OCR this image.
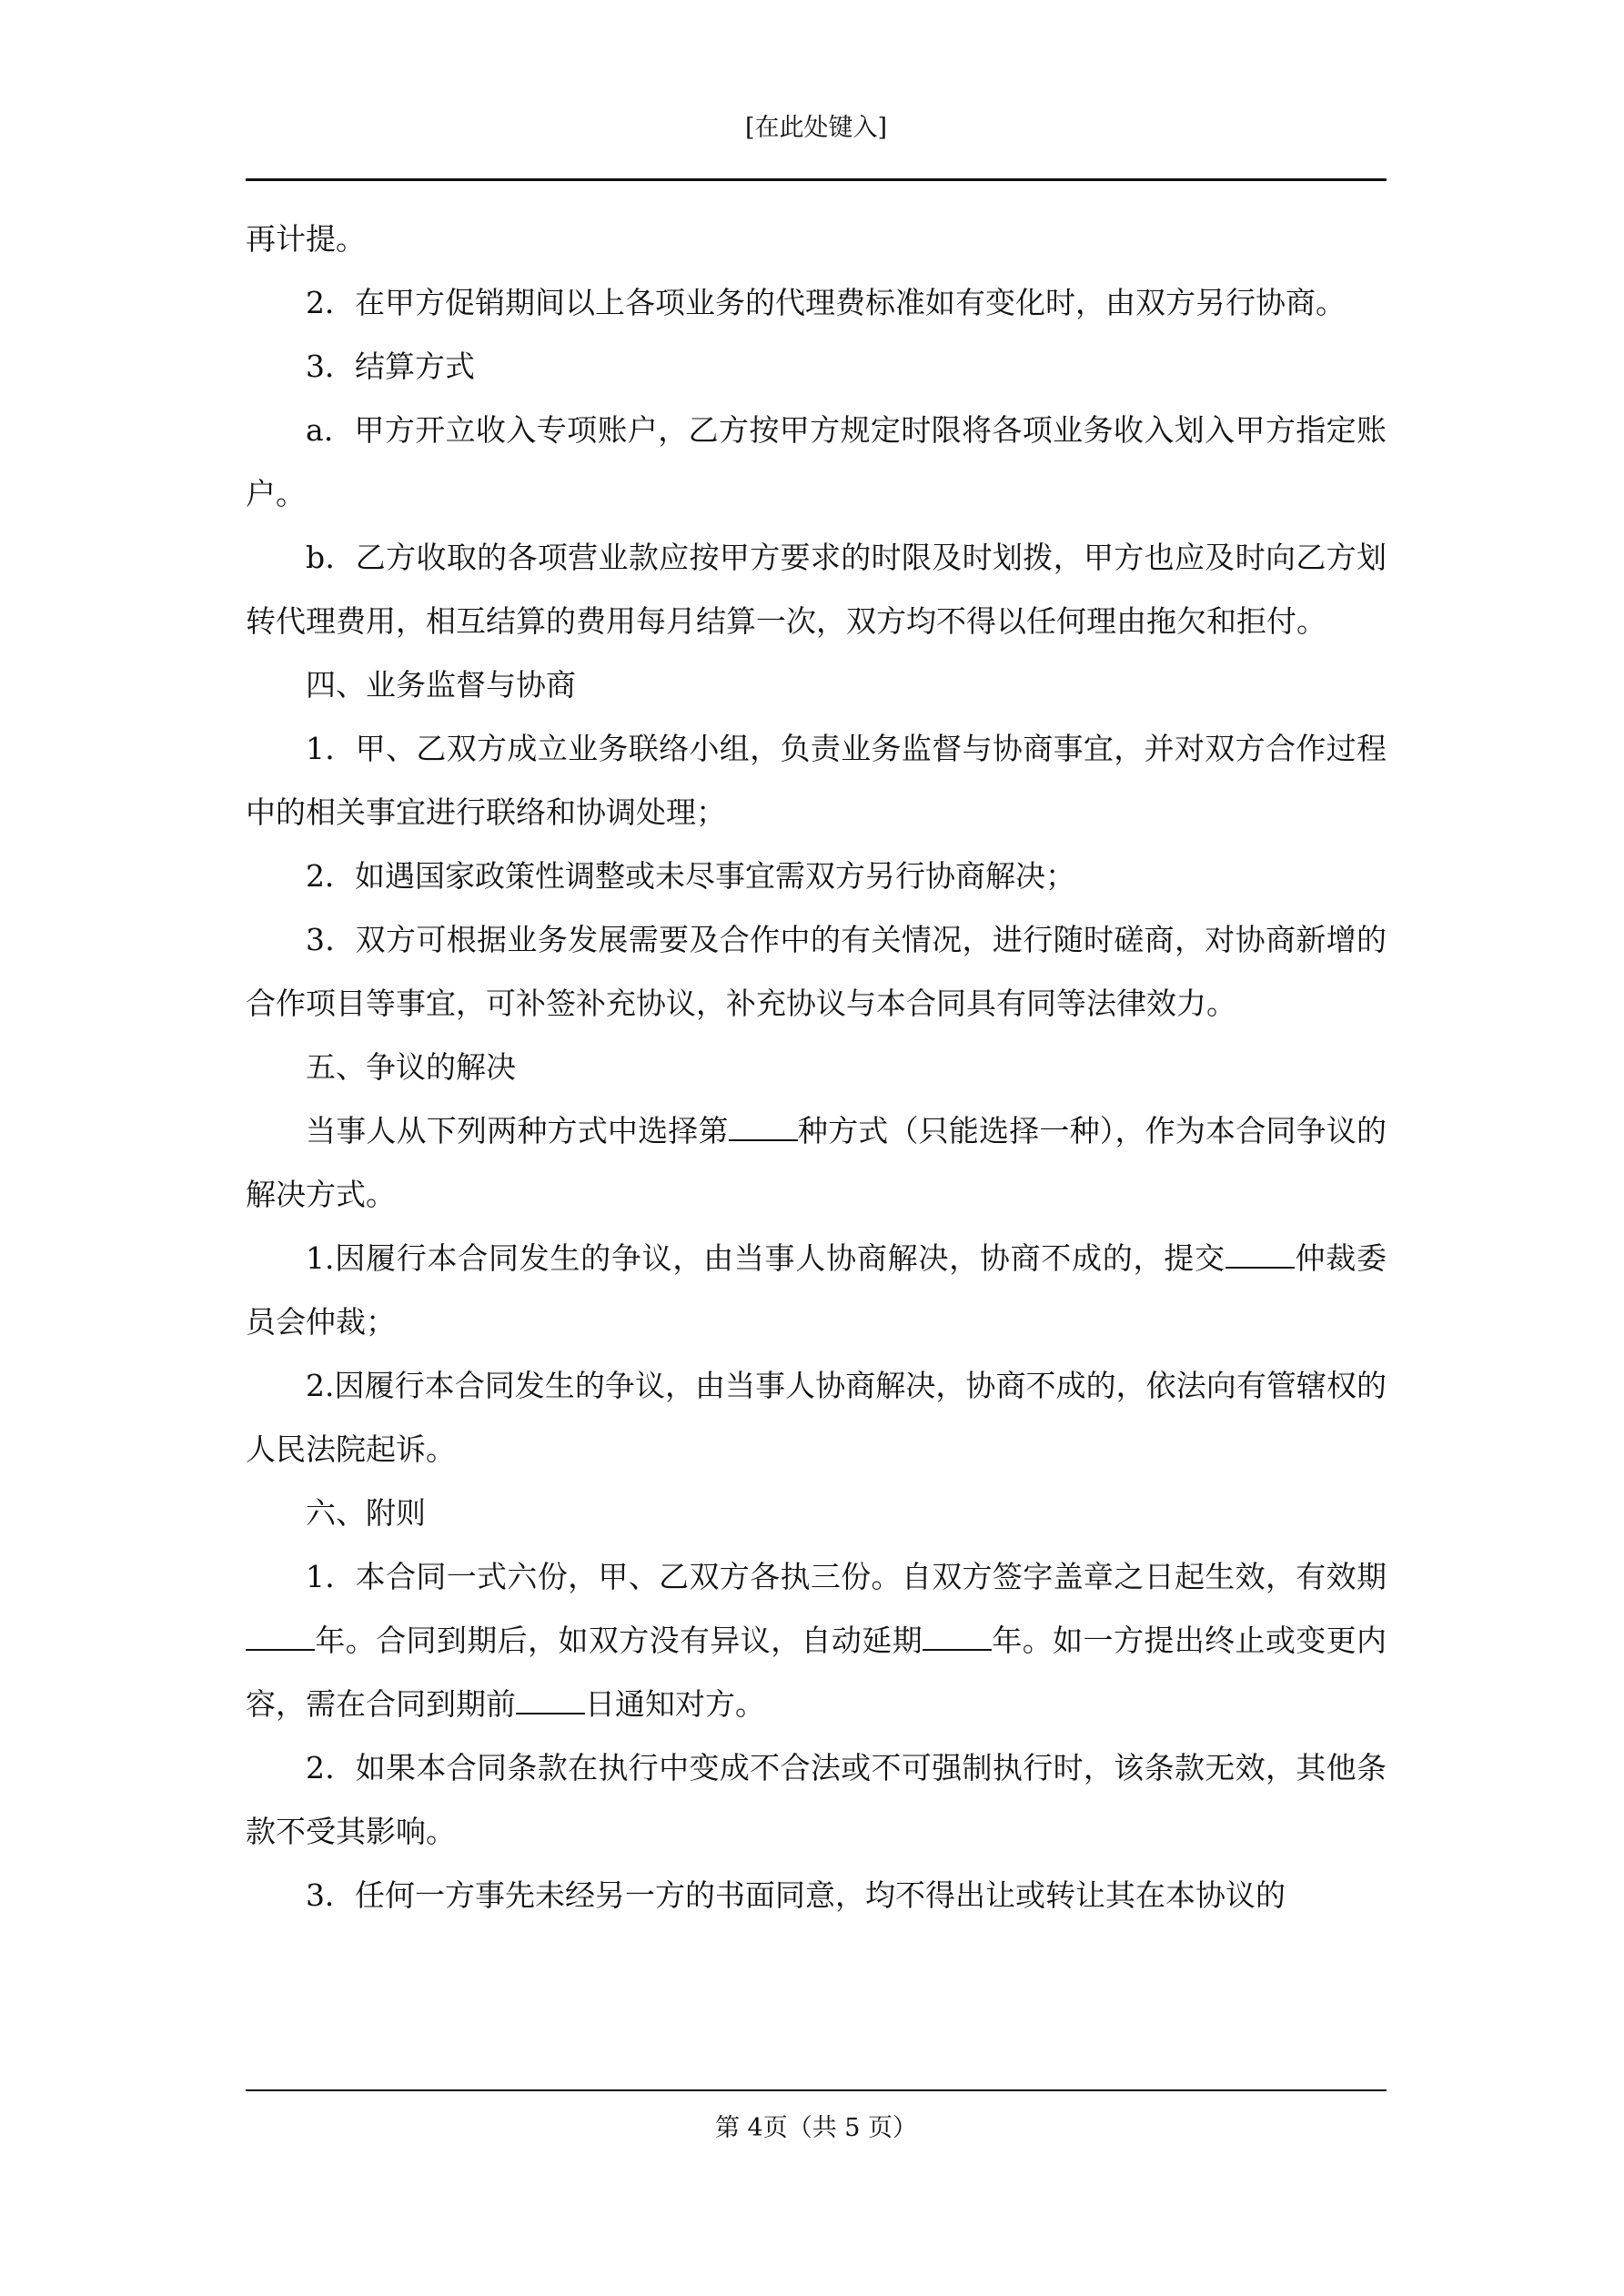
[在此处键入]

再计提。

2．在甲方促销期间以上各项业务的代理费标准如有变化时，由双方另行协商。

3．结算方式

a．甲方开立收入专项账户，乙方按甲方规定时限将各项业务收入划入甲方指定账户。

b．乙方收取的各项营业款应按甲方要求的时限及时划拨，甲方也应及时向乙方划转代理费用，相互结算的费用每月结算一次，双方均不得以任何理由拖欠和拒付。

四、业务监督与协商

1．甲、乙双方成立业务联络小组，负责业务监督与协商事宜，并对双方合作过程中的相关事宜进行联络和协调处理；

2．如遇国家政策性调整或未尽事宜需双方另行协商解决；

3．双方可根据业务发展需要及合作中的有关情况，进行随时磋商，对协商新增的合作项目等事宜，可补签补充协议，补充协议与本合同具有同等法律效力。

五、争议的解决

当事人从下列两种方式中选择第 种方式（只能选择一种），作为本合同争议的解决方式。

1.因履行本合同发生的争议，由当事人协商解决，协商不成的，提交 仲裁委员会仲裁；

2.因履行本合同发生的争议，由当事人协商解决，协商不成的，依法向有管辖权的人民法院起诉。

六、附则

1．本合同一式六份，甲、乙双方各执三份。自双方签字盖章之日起生效，有效期年。合同到期后，如双方没有异议，自动延期 年。如一方提出终止或变更内容，需在合同到期前 日通知对方。

2．如果本合同条款在执行中变成不合法或不可强制执行时，该条款无效，其他条款不受其影响。

3．任何一方事先未经另一方的书面同意，均不得出让或转让其在本协议的

第 4页（共 5 页）
